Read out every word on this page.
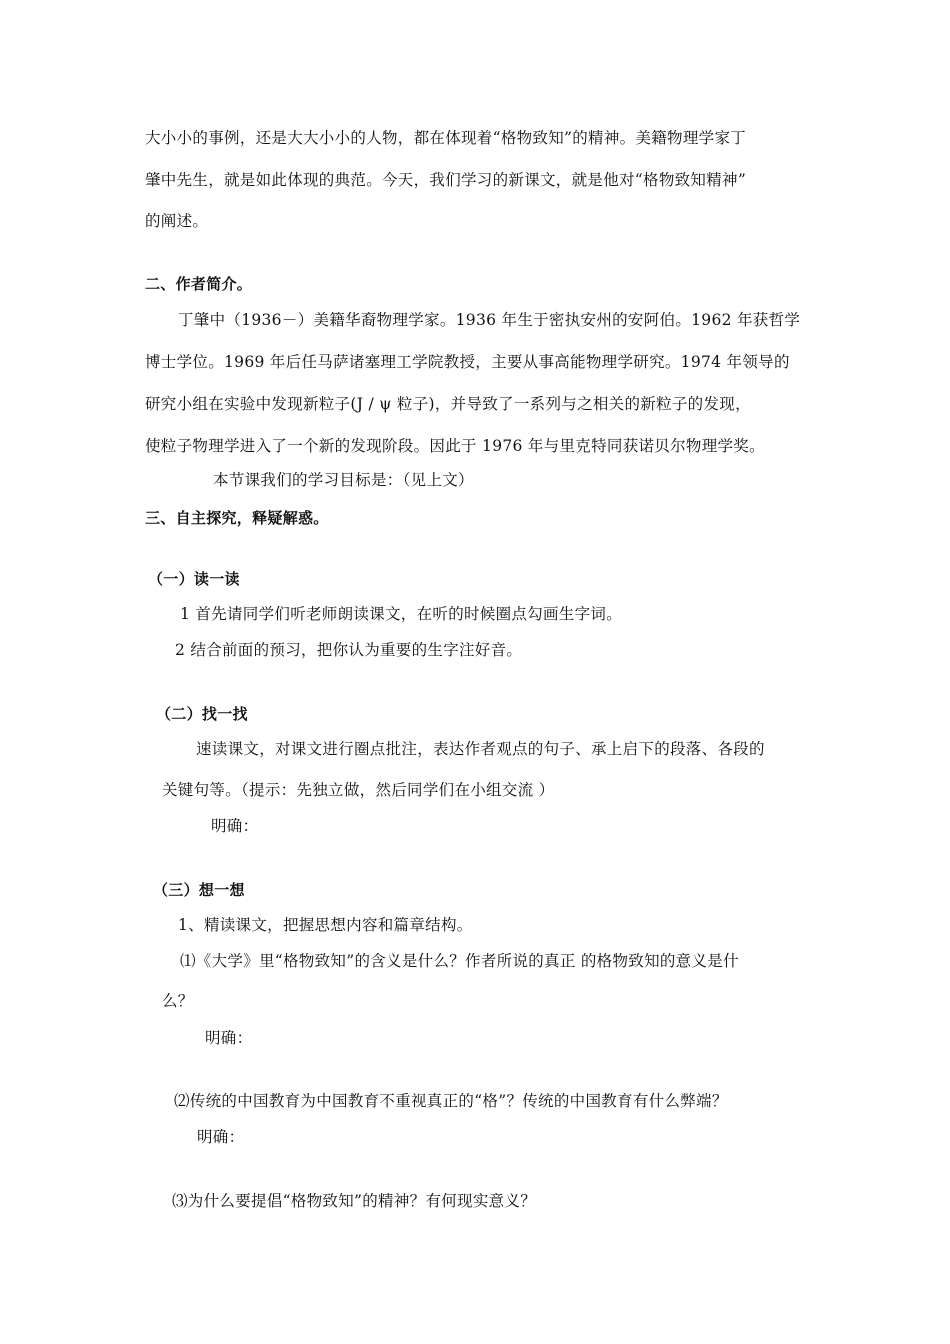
大小小的事例，还是大大小小的人物，都在体现着“格物致知”的精神。美籍物理学家丁
肇中先生，就是如此体现的典范。今天，我们学习的新课文，就是他对“格物致知精神”
的阐述。
二、作者简介。
丁肇中（1936－）美籍华裔物理学家。1936 年生于密执安州的安阿伯。1962 年获哲学
博士学位。1969 年后任马萨诸塞理工学院教授，主要从事高能物理学研究。1974 年领导的
研究小组在实验中发现新粒子(J / ψ 粒子)，并导致了一系列与之相关的新粒子的发现，
使粒子物理学进入了一个新的发现阶段。因此于 1976 年与里克特同获诺贝尔物理学奖。
本节课我们的学习目标是：（见上文）
三、自主探究，释疑解惑。
（一）读一读
1 首先请同学们听老师朗读课文，在听的时候圈点勾画生字词。
2 结合前面的预习，把你认为重要的生字注好音。
（二）找一找
速读课文，对课文进行圈点批注，表达作者观点的句子、承上启下的段落、各段的
关键句等。（提示：先独立做，然后同学们在小组交流 ）
明确：
（三）想一想
1、精读课文，把握思想内容和篇章结构。
⑴《大学》里“格物致知”的含义是什么？作者所说的真正 的格物致知的意义是什
么？
明确：
⑵传统的中国教育为中国教育不重视真正的“格”？传统的中国教育有什么弊端？
明确：
⑶为什么要提倡“格物致知”的精神？有何现实意义？
